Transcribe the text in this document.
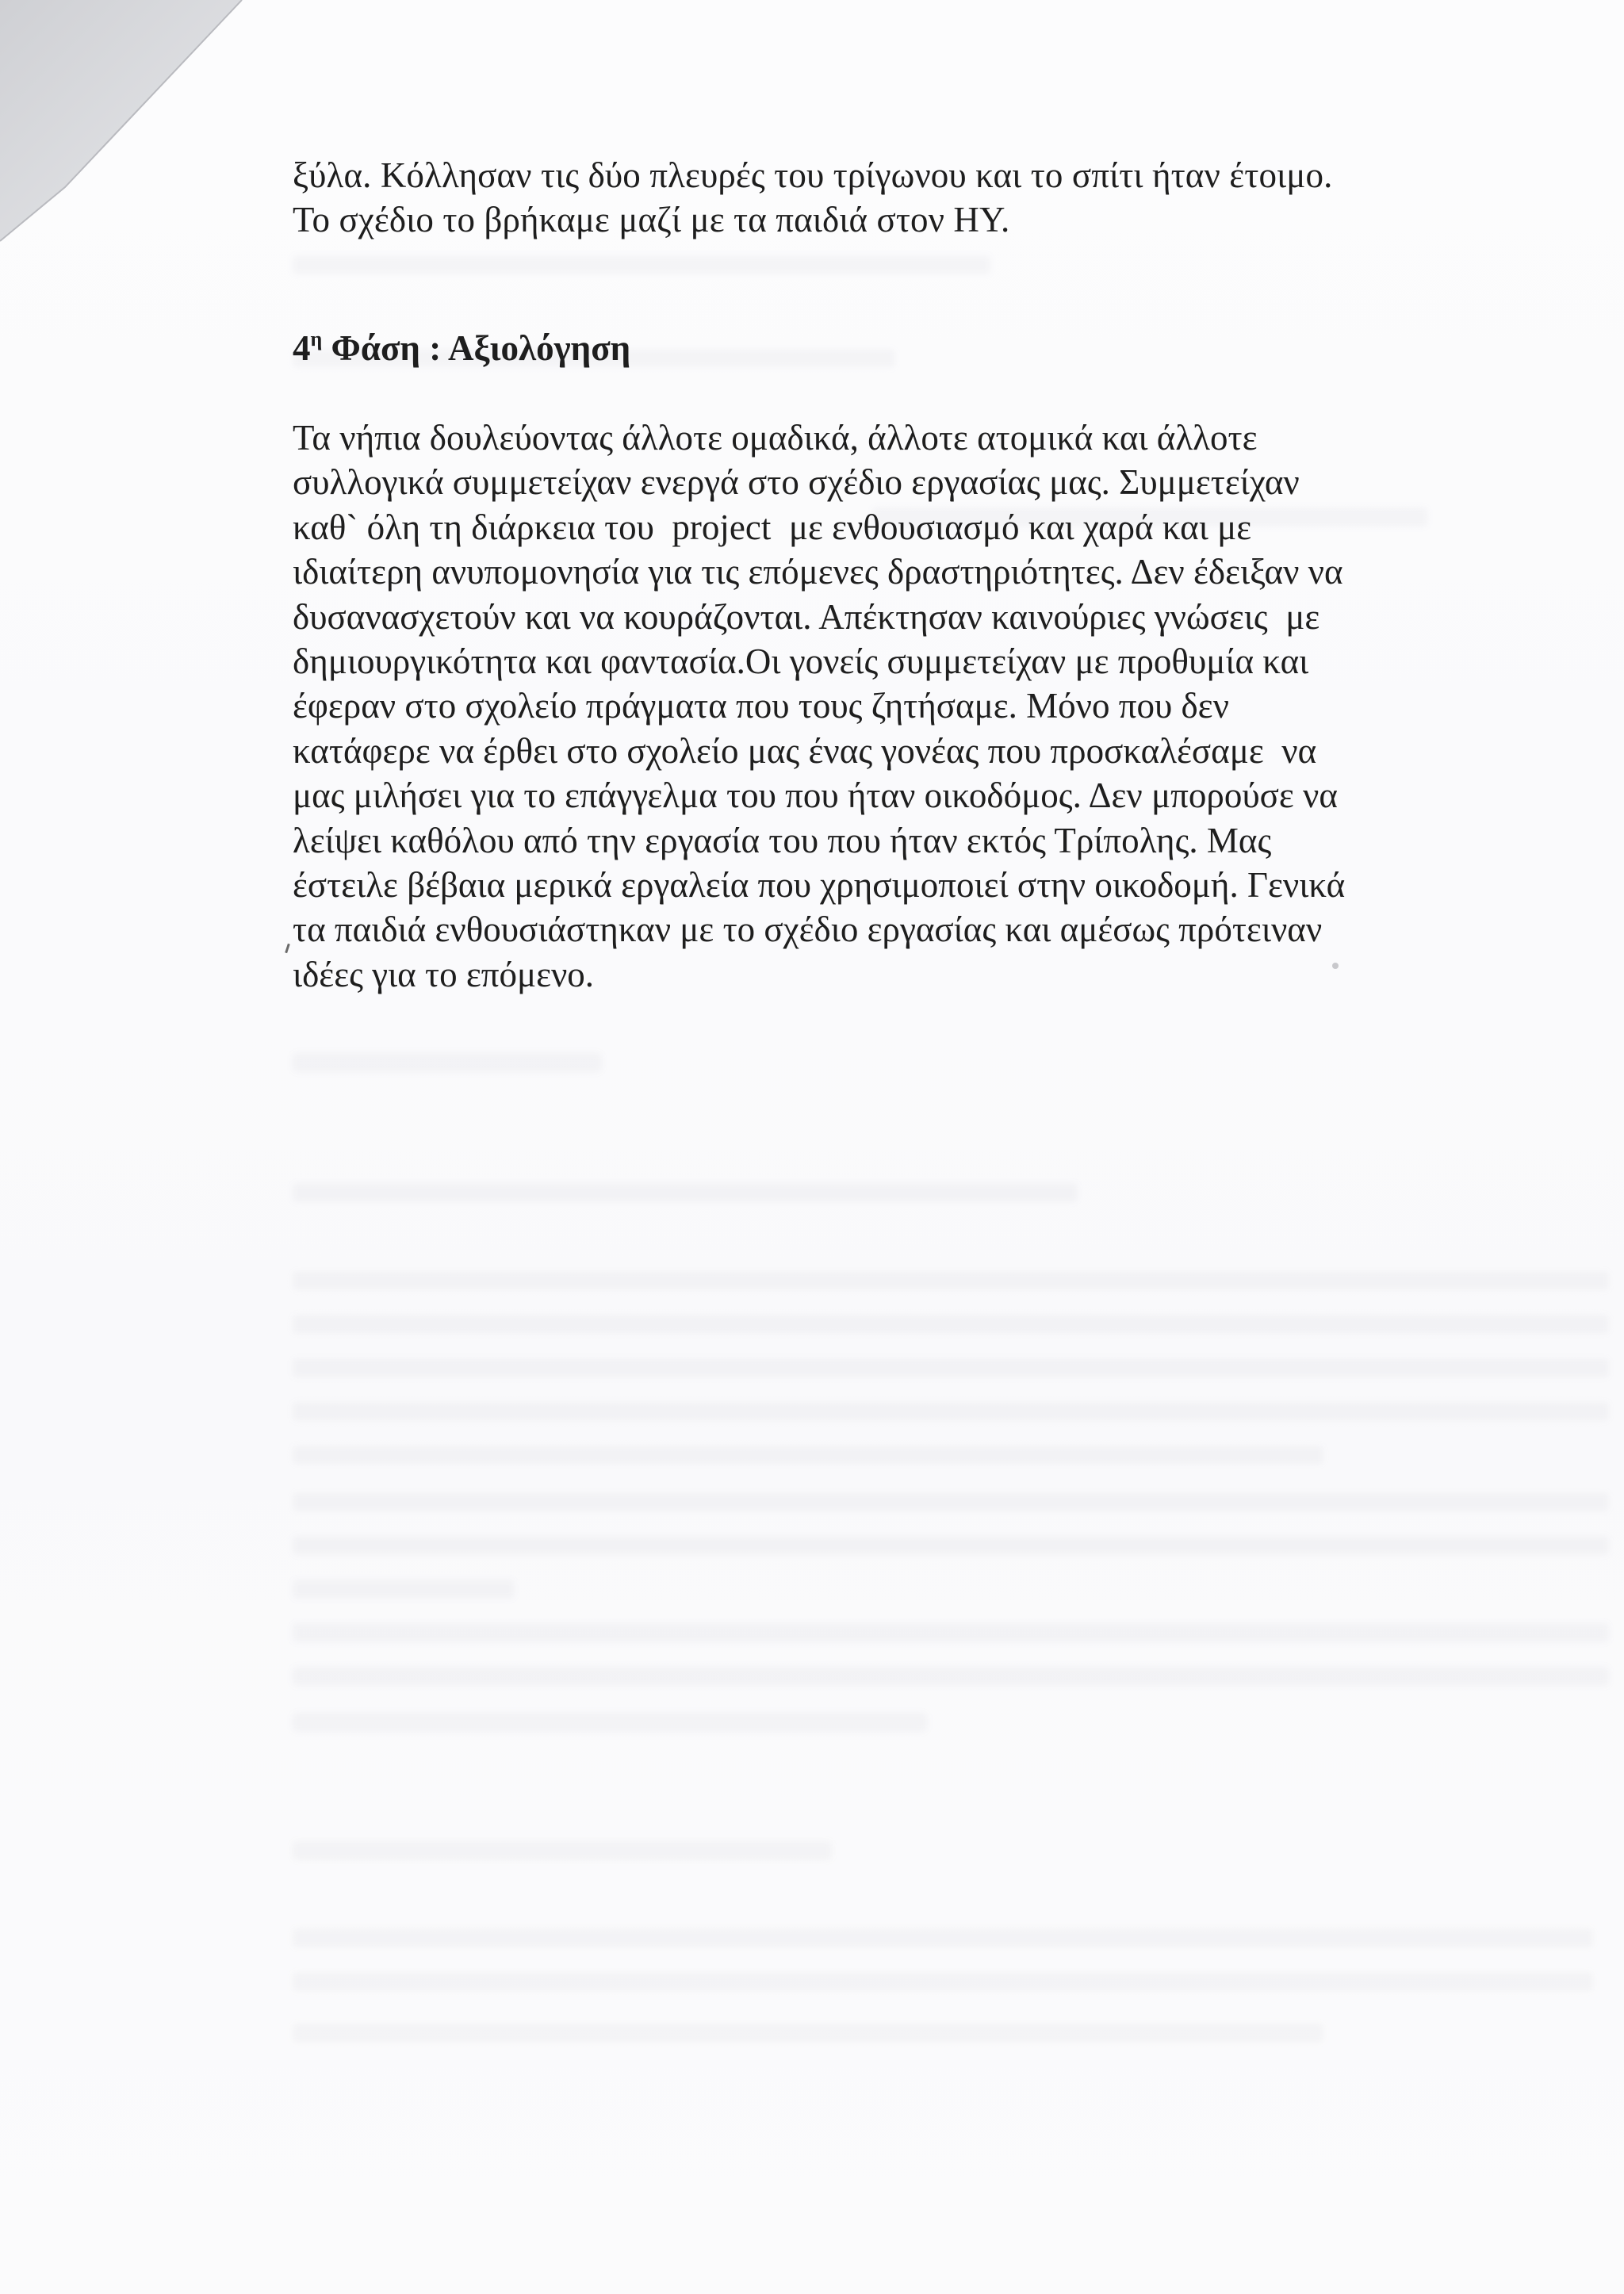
ξύλα. Κόλλησαν τις δύο πλευρές του τρίγωνου και το σπίτι ήταν έτοιμο.
Το σχέδιο το βρήκαμε μαζί με τα παιδιά στον ΗΥ.
$4^\eta$ Φάση : Αξιολόγηση
Τα νήπια δουλεύοντας άλλοτε ομαδικά, άλλοτε ατομικά και άλλοτε
συλλογικά συμμετείχαν ενεργά στο σχέδιο εργασίας μας. Συμμετείχαν
καθ` όλη τη διάρκεια του  project  με ενθουσιασμό και χαρά και με
ιδιαίτερη ανυπομονησία για τις επόμενες δραστηριότητες. Δεν έδειξαν να
δυσανασχετούν και να κουράζονται. Απέκτησαν καινούριες γνώσεις  με
δημιουργικότητα και φαντασία.Οι γονείς συμμετείχαν με προθυμία και
έφεραν στο σχολείο πράγματα που τους ζητήσαμε. Μόνο που δεν
κατάφερε να έρθει στο σχολείο μας ένας γονέας που προσκαλέσαμε  να
μας μιλήσει για το επάγγελμα του που ήταν οικοδόμος. Δεν μπορούσε να
λείψει καθόλου από την εργασία του που ήταν εκτός Τρίπολης. Μας
έστειλε βέβαια μερικά εργαλεία που χρησιμοποιεί στην οικοδομή. Γενικά
τα παιδιά ενθουσιάστηκαν με το σχέδιο εργασίας και αμέσως πρότειναν
ιδέες για το επόμενο.
